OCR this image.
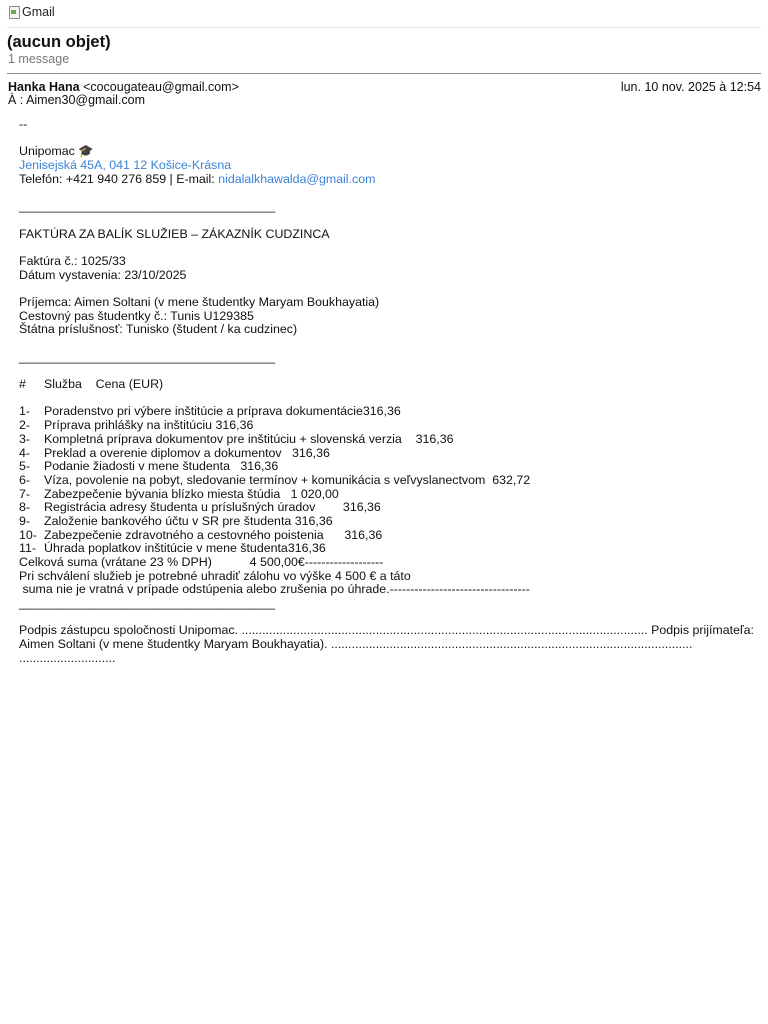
Gmail
(aucun objet)
1 message
Hanka Hana <cocougateau@gmail.com>	lun. 10 nov. 2025 à 12:54
À : Aimen30@gmail.com
--
Unipomac 🎓
Jenisejská 45A, 041 12 Košice-Krásna
Telefón: +421 940 276 859 | E-mail: nidalalkhawalda@gmail.com
________________________________________
FAKTÚRA ZA BALÍK SLUŽIEB – ZÁKAZNÍK CUDZINCA
Faktúra č.: 1025/33
Dátum vystavenia: 23/10/2025
Príjemca: Aimen Soltani (v mene študentky Maryam Boukhayatia)
Cestovný pas študentky č.: Tunis U129385
Štátna príslušnosť: Tunisko (študent / ka cudzinec)
________________________________________
# Služba Cena (EUR)
1- Poradenstvo pri výbere inštitúcie a príprava dokumentácie316,36
2- Príprava prihlášky na inštitúciu 316,36
3- Kompletná príprava dokumentov pre inštitúciu + slovenská verzia 316,36
4- Preklad a overenie diplomov a dokumentov 316,36
5- Podanie žiadosti v mene študenta 316,36
6- Víza, povolenie na pobyt, sledovanie termínov + komunikácia s veľvyslanectvom 632,72
7- Zabezpečenie bývania blízko miesta štúdia 1 020,00
8- Registrácia adresy študenta u príslušných úradov 316,36
9- Založenie bankového účtu v SR pre študenta 316,36
10- Zabezpečenie zdravotného a cestovného poistenia 316,36
11- Úhrada poplatkov inštitúcie v mene študenta316,36
Celková suma (vrátane 23 % DPH)           4 500,00€-------------------
Pri schválení služieb je potrebné uhradiť zálohu vo výške 4 500 € a táto
suma nie je vratná v prípade odstúpenia alebo zrušenia po úhrade.----------------------------------
________________________________________
Podpis zástupcu spoločnosti Unipomac. ...................................................................................................................... Podpis prijímateľa: Aimen Soltani (v mene študentky Maryam Boukhayatia). ......................................................................................................... ............................
